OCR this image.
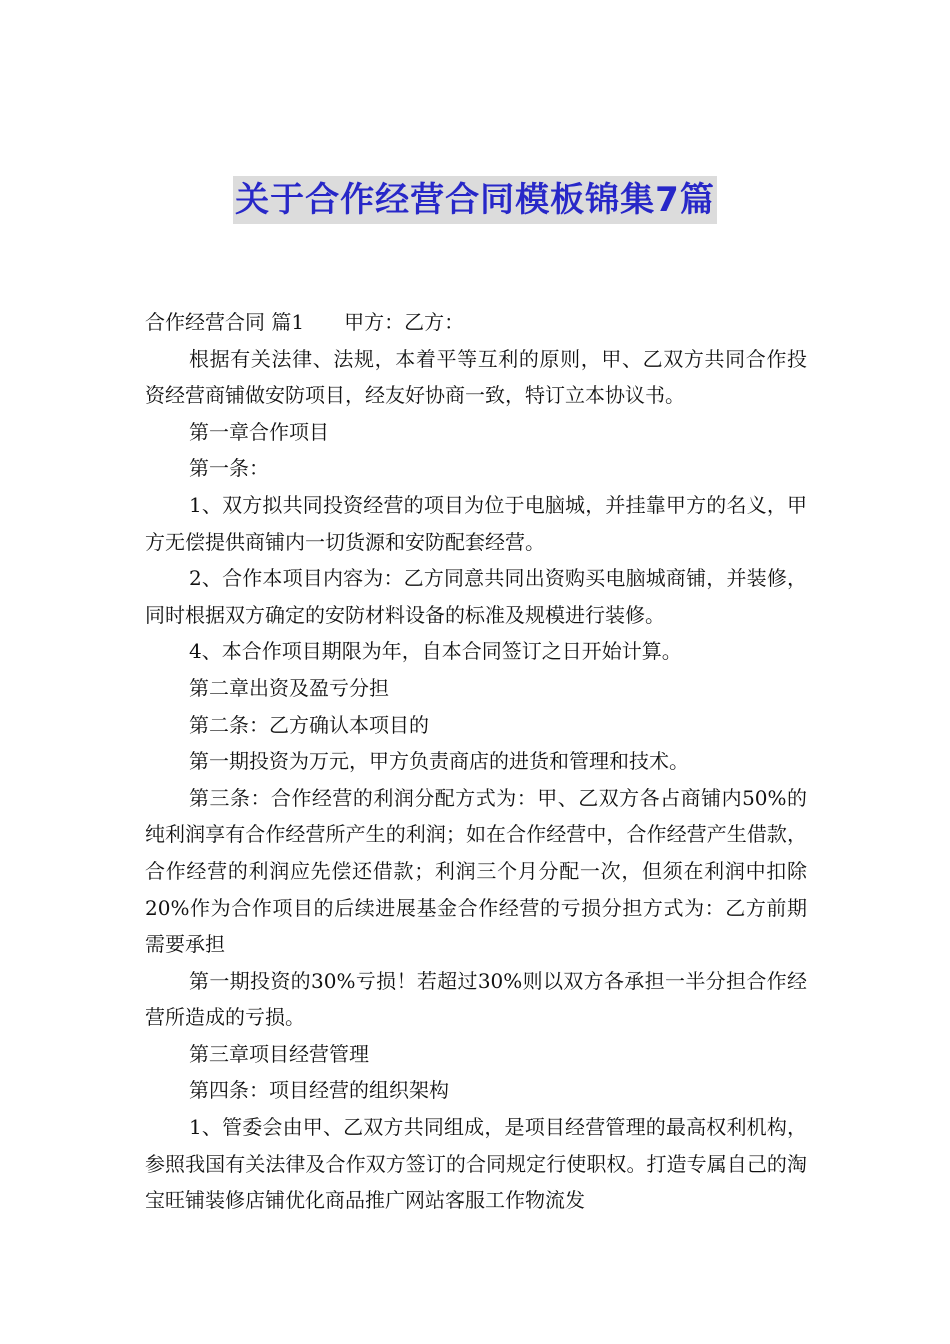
关于合作经营合同模板锦集7篇

合作经营合同 篇1 甲方：乙方：

根据有关法律、法规，本着平等互利的原则，甲、乙双方共同合作投资经营商铺做安防项目，经友好协商一致，特订立本协议书。

第一章合作项目

第一条：

1、双方拟共同投资经营的项目为位于电脑城，并挂靠甲方的名义，甲方无偿提供商铺内一切货源和安防配套经营。

2、合作本项目内容为：乙方同意共同出资购买电脑城商铺，并装修，同时根据双方确定的安防材料设备的标准及规模进行装修。

4、本合作项目期限为年，自本合同签订之日开始计算。

第二章出资及盈亏分担

第二条：乙方确认本项目的

第一期投资为万元，甲方负责商店的进货和管理和技术。

第三条：合作经营的利润分配方式为：甲、乙双方各占商铺内50%的纯利润享有合作经营所产生的利润；如在合作经营中，合作经营产生借款，合作经营的利润应先偿还借款；利润三个月分配一次，但须在利润中扣除20%作为合作项目的后续进展基金合作经营的亏损分担方式为：乙方前期需要承担

第一期投资的30%亏损！若超过30%则以双方各承担一半分担合作经营所造成的亏损。

第三章项目经营管理

第四条：项目经营的组织架构

1、管委会由甲、乙双方共同组成，是项目经营管理的最高权利机构，参照我国有关法律及合作双方签订的合同规定行使职权。打造专属自己的淘宝旺铺装修店铺优化商品推广网站客服工作物流发
